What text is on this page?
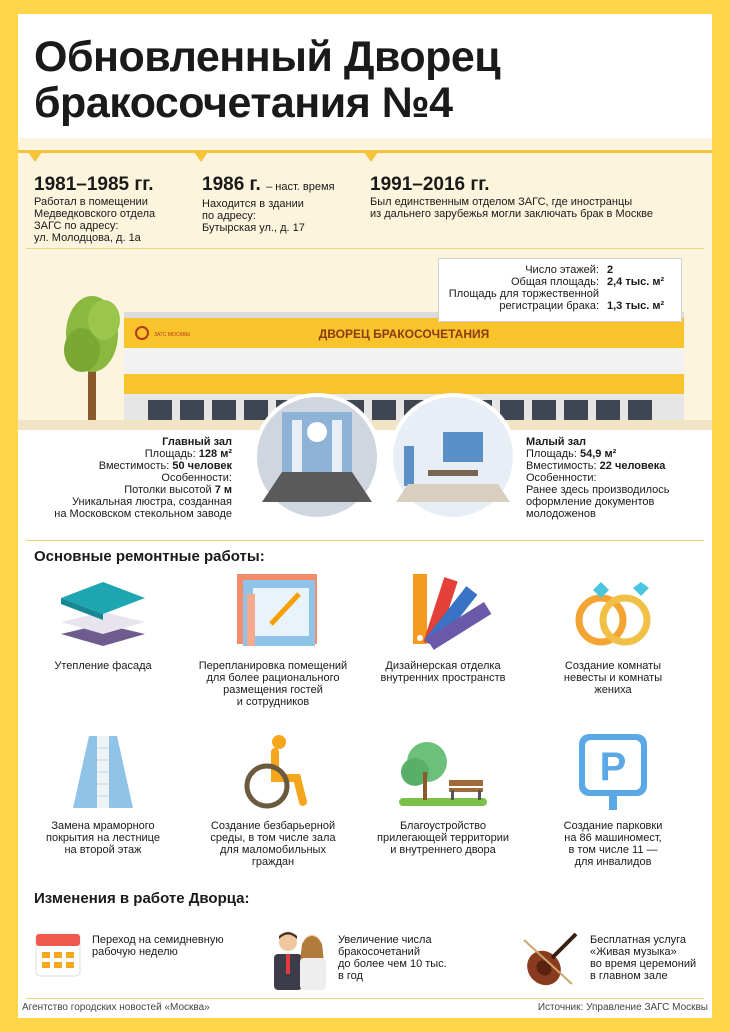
Обновленный Дворец
бракосочетания №4
1981–1985 гг.
Работал в помещении
Медведковского отдела
ЗАГС по адресу:
ул. Молодцова, д. 1а
1986 г. – наст. время
Находится в здании
по адресу:
Бутырская ул., д. 17
1991–2016 гг.
Был единственным отделом ЗАГС, где иностранцы
из дальнего зарубежья могли заключать брак в Москве
ЗАГС МОСКВЫ	ДВОРЕЦ БРАКОСОЧЕТАНИЯ
Число этажей: 2
Общая площадь: 2,4 тыс. м²
Площадь для торжественной
регистрации брака: 1,3 тыс. м²
Главный зал
Площадь: 128 м²
Вместимость: 50 человек
Особенности:
Потолки высотой 7 м
Уникальная люстра, созданная
на Московском стекольном заводе
Малый зал
Площадь: 54,9 м²
Вместимость: 22 человека
Особенности:
Ранее здесь производилось
оформление документов
молодоженов
Основные ремонтные работы:
Утепление фасада	Перепланировка помещений
для более рационального
размещения гостей
и сотрудников
Дизайнерская отделка
внутренних пространств
Создание комнаты
невесты и комнаты
жениха
Замена мраморного
покрытия на лестнице
на второй этаж
Создание безбарьерной
среды, в том числе зала
для маломобильных
граждан
Благоустройство
прилегающей территории
и внутреннего двора
P
Создание парковки
на 86 машиномест,
в том числе 11 —
для инвалидов
Изменения в работе Дворца:
Переход на семидневную
рабочую неделю
Увеличение числа
бракосочетаний
до более чем 10 тыс.
в год
Бесплатная услуга
«Живая музыка»
во время церемоний
в главном зале
Агентство городских новостей «Москва»	Источник: Управление ЗАГС Москвы
